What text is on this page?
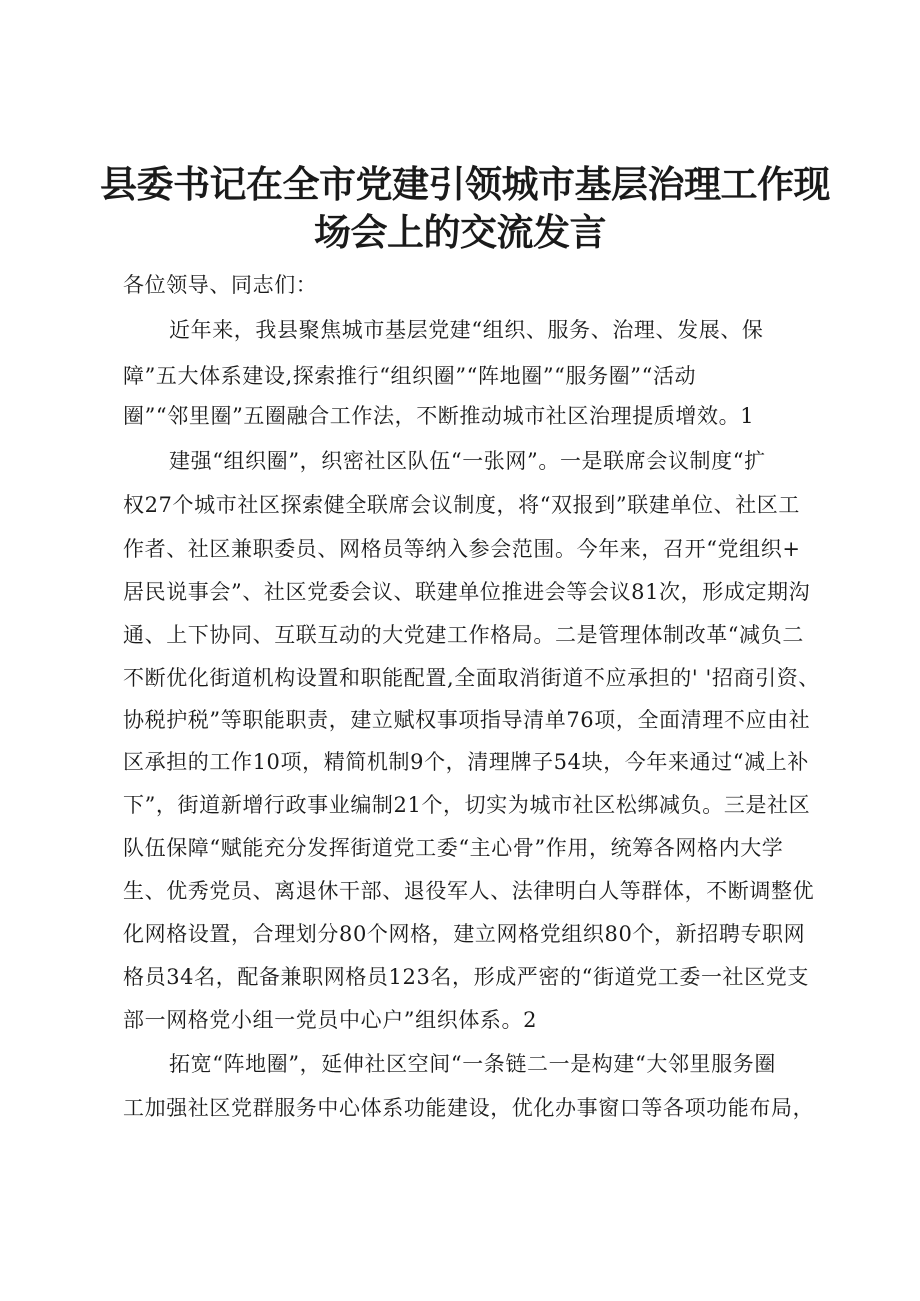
县委书记在全市党建引领城市基层治理工作现
场会上的交流发言
各位领导、同志们：
近年来，我县聚焦城市基层党建“组织、服务、治理、发展、保
障”五大体系建设,探索推行“组织圈”“阵地圈”“服务圈”“活动
圈”“邻里圈”五圈融合工作法，不断推动城市社区治理提质增效。1
建强“组织圈”，织密社区队伍“一张网”。一是联席会议制度“扩
权27个城市社区探索健全联席会议制度，将“双报到”联建单位、社区工
作者、社区兼职委员、网格员等纳入参会范围。今年来，召开“党组织+
居民说事会”、社区党委会议、联建单位推进会等会议81次，形成定期沟
通、上下协同、互联互动的大党建工作格局。二是管理体制改革“减负二
不断优化街道机构设置和职能配置,全面取消街道不应承担的' '招商引资、
协税护税”等职能职责，建立赋权事项指导清单76项，全面清理不应由社
区承担的工作10项，精简机制9个，清理牌子54块，今年来通过“减上补
下”，街道新增行政事业编制21个，切实为城市社区松绑减负。三是社区
队伍保障“赋能充分发挥街道党工委“主心骨”作用，统筹各网格内大学
生、优秀党员、离退休干部、退役军人、法律明白人等群体，不断调整优
化网格设置，合理划分80个网格，建立网格党组织80个，新招聘专职网
格员34名，配备兼职网格员123名，形成严密的“街道党工委一社区党支
部一网格党小组一党员中心户”组织体系。2
拓宽“阵地圈”，延伸社区空间“一条链二一是构建“大邻里服务圈
工加强社区党群服务中心体系功能建设，优化办事窗口等各项功能布局，
